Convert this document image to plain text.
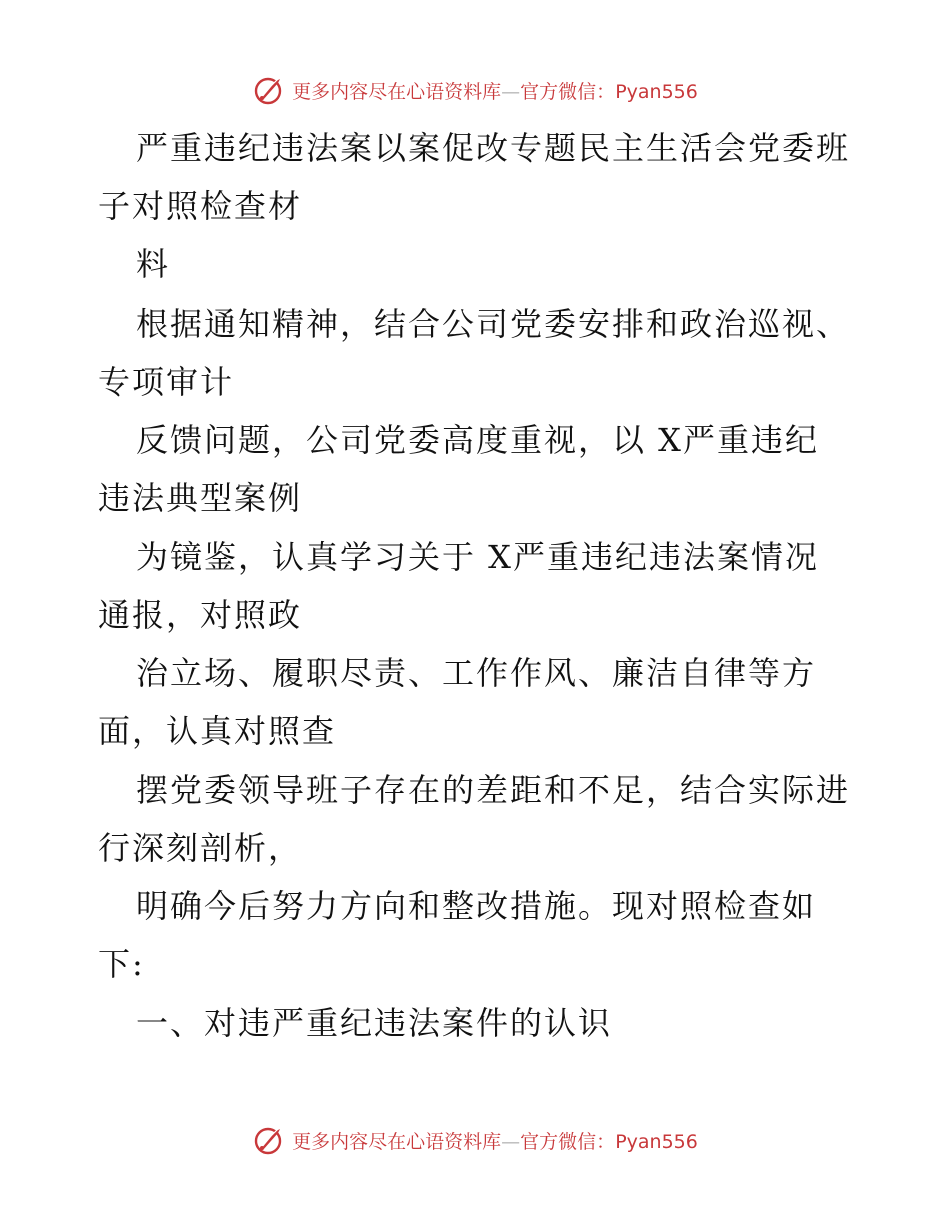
更多内容尽在心语资料库—官方微信：Pyan556
严重违纪违法案以案促改专题民主生活会党委班
子对照检查材
料
根据通知精神，结合公司党委安排和政治巡视、
专项审计
反馈问题，公司党委高度重视，以 X严重违纪
违法典型案例
为镜鉴，认真学习关于 X严重违纪违法案情况
通报，对照政
治立场、履职尽责、工作作风、廉洁自律等方
面，认真对照查
摆党委领导班子存在的差距和不足，结合实际进
行深刻剖析，
明确今后努力方向和整改措施。现对照检查如
下:
一、对违严重纪违法案件的认识
更多内容尽在心语资料库—官方微信：Pyan556
